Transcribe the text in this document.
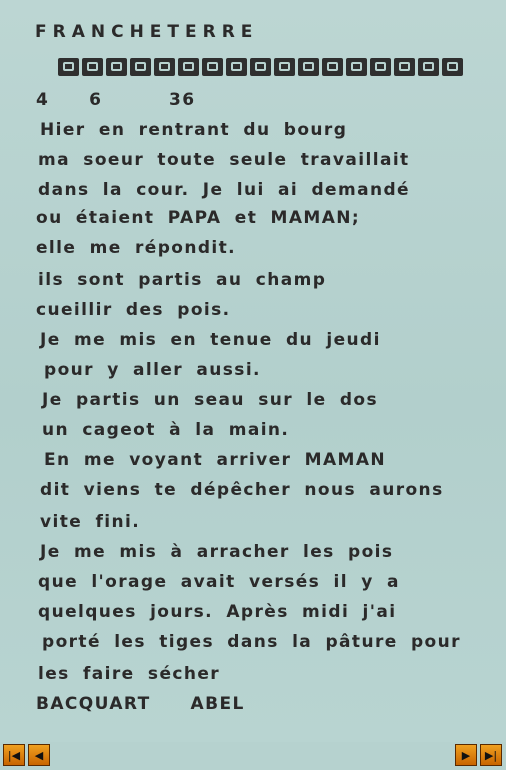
FRANCHETERRE
4   6     36
Hier en rentrant du bourg
ma soeur toute seule travaillait
dans la cour. Je lui ai demandé
ou étaient PAPA et MAMAN;
elle me répondit.
ils sont partis au champ
cueillir des pois.
Je me mis en tenue du jeudi
pour y aller aussi.
Je partis un seau sur le dos
un cageot à la main.
En me voyant arriver MAMAN
dit viens te dépêcher nous aurons
vite fini.
Je me mis à arracher les pois
que l'orage avait versés il y a
quelques jours. Après midi j'ai
porté les tiges dans la pâture pour
les faire sécher
BACQUART   ABEL
|◀ ◀	▶ ▶|
